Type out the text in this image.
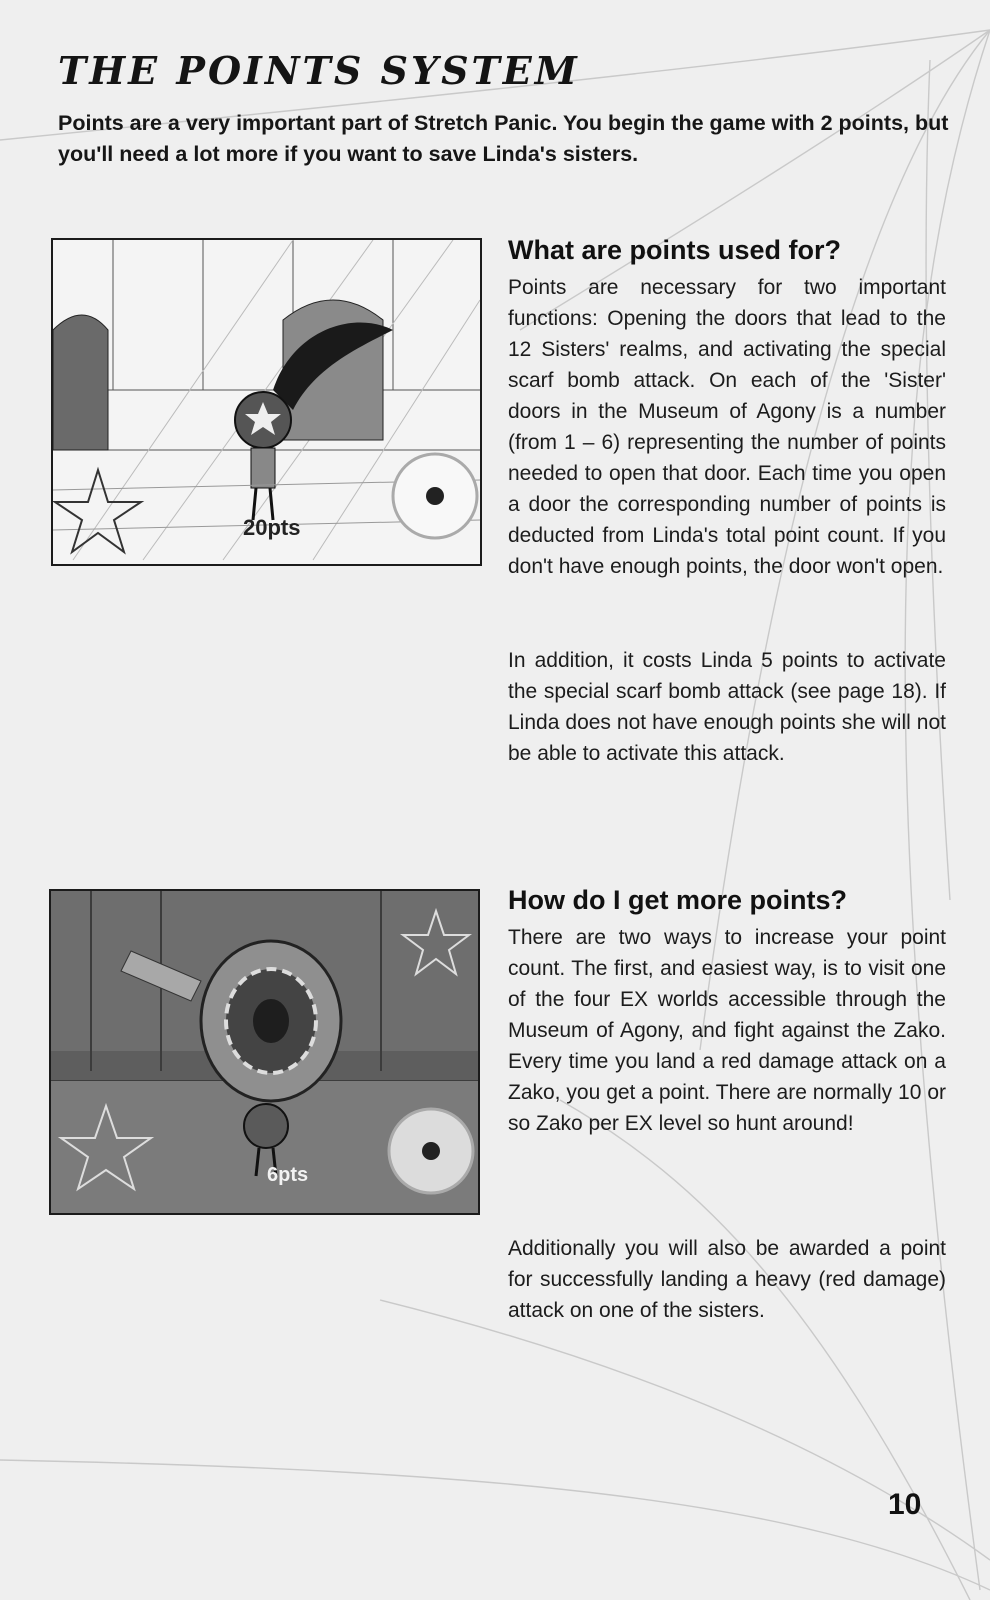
THE POINTS SYSTEM

Points are a very important part of Stretch Panic. You begin the game with 2 points, but you'll need a lot more if you want to save Linda's sisters.

20pts
What are points used for?

Points are necessary for two important functions: Opening the doors that lead to the 12 Sisters' realms, and activating the special scarf bomb attack. On each of the 'Sister' doors in the Museum of Agony is a number (from 1 – 6) representing the number of points needed to open that door. Each time you open a door the corresponding number of points is deducted from Linda's total point count. If you don't have enough points, the door won't open.

In addition, it costs Linda 5 points to activate the special scarf bomb attack (see page 18). If Linda does not have enough points she will not be able to activate this attack.

6pts
How do I get more points?

There are two ways to increase your point count. The first, and easiest way, is to visit one of the four EX worlds accessible through the Museum of Agony, and fight against the Zako. Every time you land a red damage attack on a Zako, you get a point. There are normally 10 or so Zako per EX level so hunt around!

Additionally you will also be awarded a point for successfully landing a heavy (red damage) attack on one of the sisters.

10
